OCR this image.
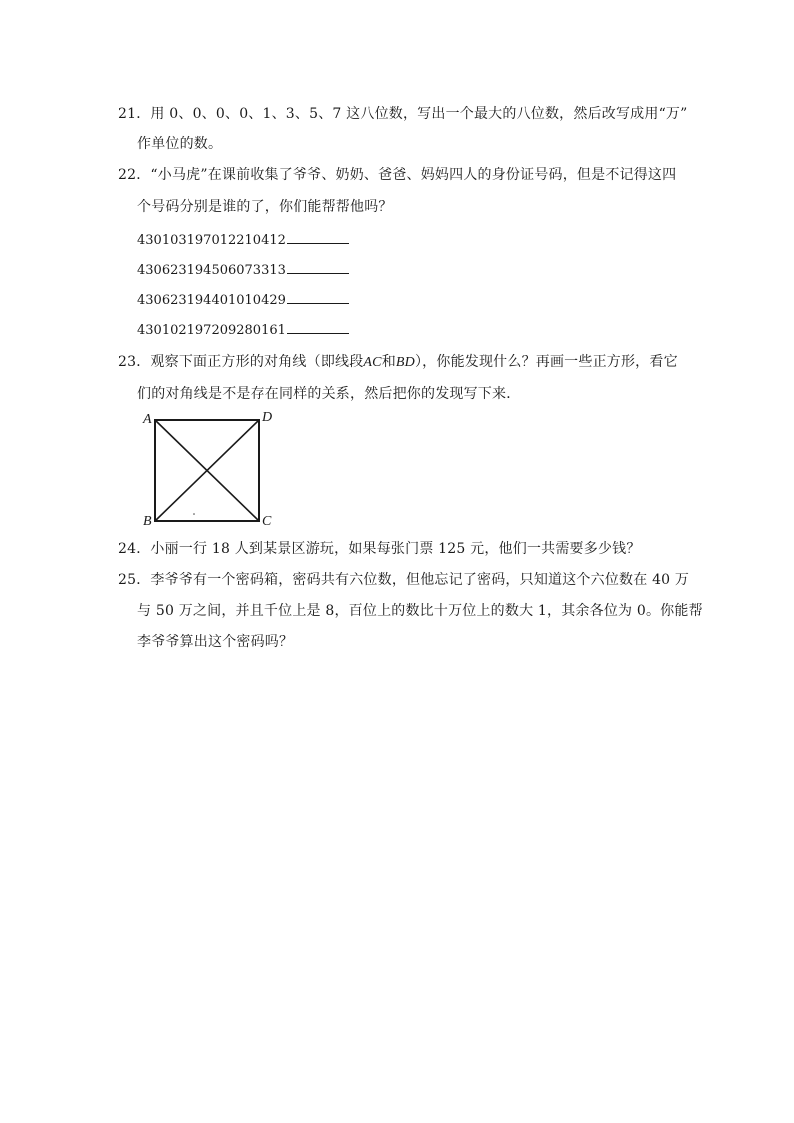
21．用 0、0、0、0、1、3、5、7 这八位数，写出一个最大的八位数，然后改写成用“万”
作单位的数。
22．“小马虎”在课前收集了爷爷、奶奶、爸爸、妈妈四人的身份证号码，但是不记得这四
个号码分别是谁的了，你们能帮帮他吗？
430103197012210412
430623194506073313
430623194401010429
430102197209280161
23．观察下面正方形的对角线（即线段AC和BD），你能发现什么？再画一些正方形，看它
们的对角线是不是存在同样的关系，然后把你的发现写下来．
A	D
B	C
24．小丽一行 18 人到某景区游玩，如果每张门票 125 元，他们一共需要多少钱？
25．李爷爷有一个密码箱，密码共有六位数，但他忘记了密码，只知道这个六位数在 40 万
与 50 万之间，并且千位上是 8，百位上的数比十万位上的数大 1，其余各位为 0。你能帮
李爷爷算出这个密码吗？
